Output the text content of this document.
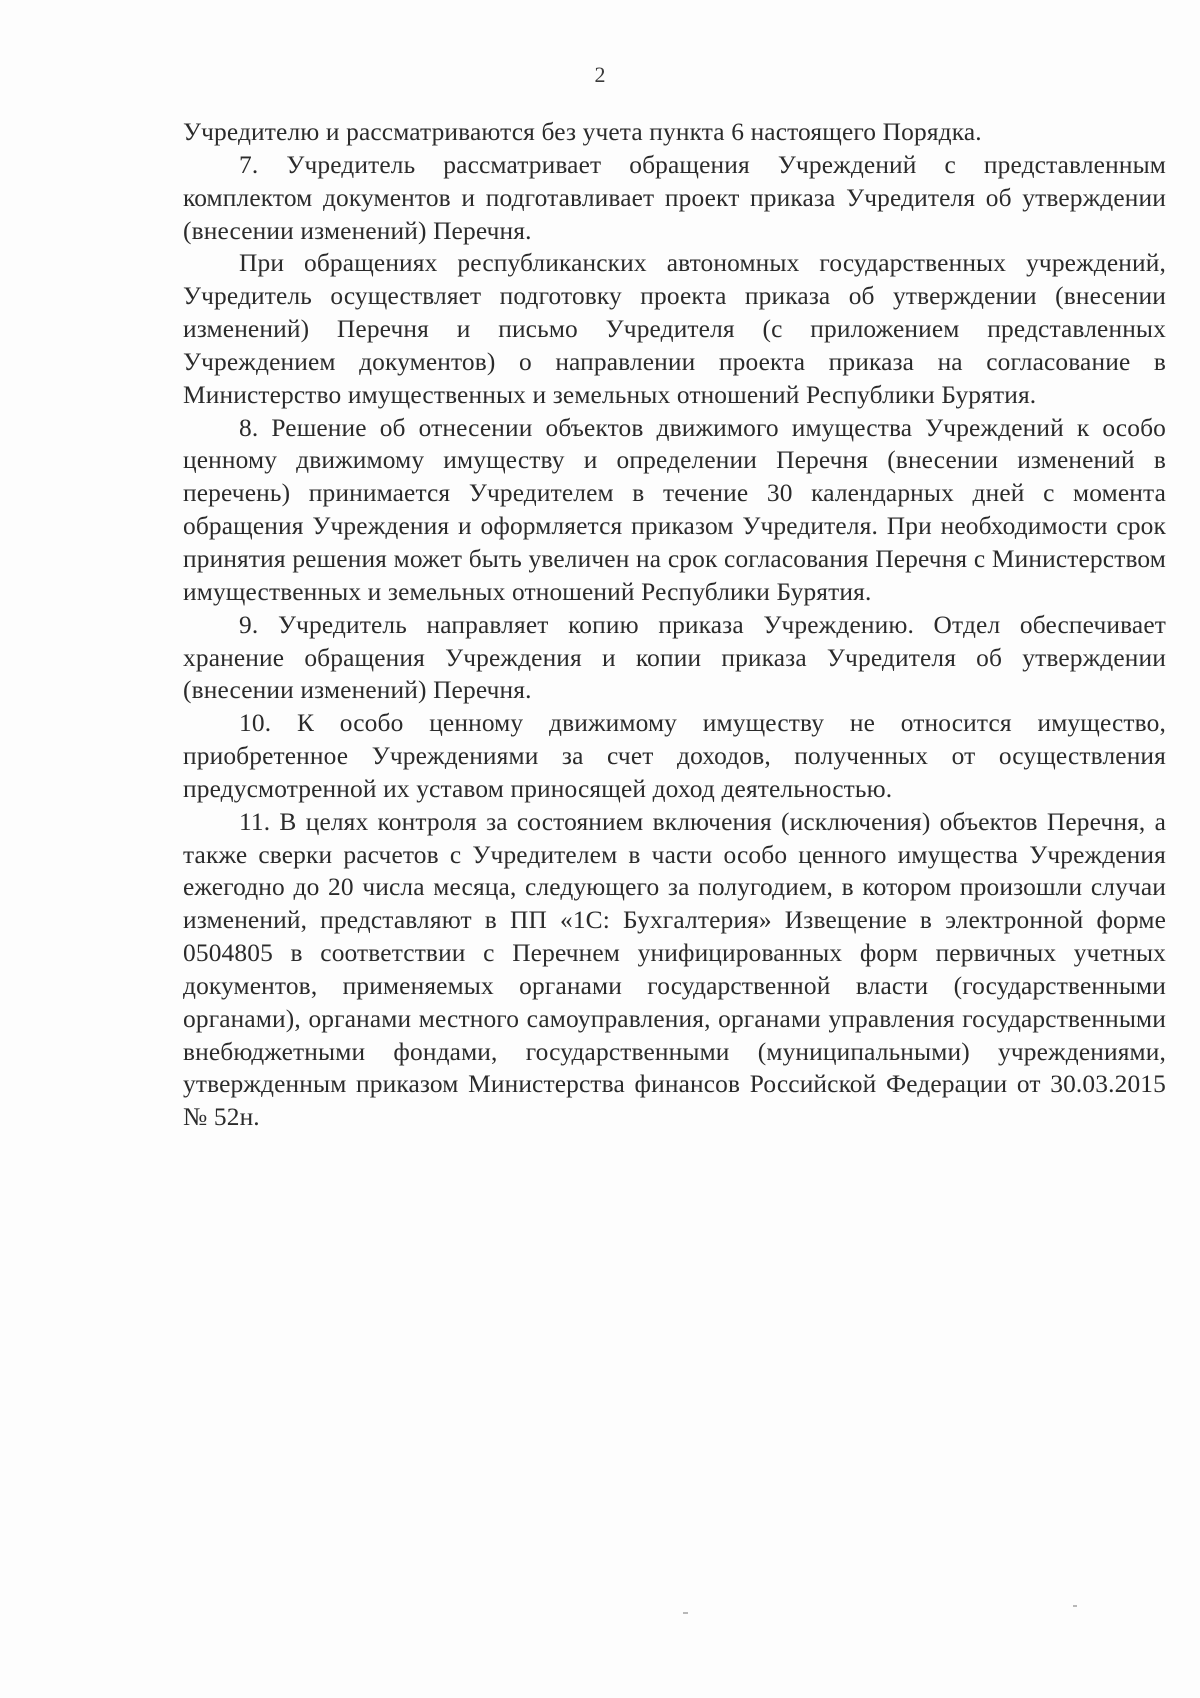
2

Учредителю и рассматриваются без учета пункта 6 настоящего Порядка.

7. Учредитель рассматривает обращения Учреждений с представленным комплектом документов и подготавливает проект приказа Учредителя об утверждении (внесении изменений) Перечня.

При обращениях республиканских автономных государственных учреждений, Учредитель осуществляет подготовку проекта приказа об утверждении (внесении изменений) Перечня и письмо Учредителя (с приложением представленных Учреждением документов) о направлении проекта приказа на согласование в Министерство имущественных и земельных отношений Республики Бурятия.

8. Решение об отнесении объектов движимого имущества Учреждений к особо ценному движимому имуществу и определении Перечня (внесении изменений в перечень) принимается Учредителем в течение 30 календарных дней с момента обращения Учреждения и оформляется приказом Учредителя. При необходимости срок принятия решения может быть увеличен на срок согласования Перечня с Министерством имущественных и земельных отношений Республики Бурятия.

9. Учредитель направляет копию приказа Учреждению. Отдел обеспечивает хранение обращения Учреждения и копии приказа Учредителя об утверждении (внесении изменений) Перечня.

10. К особо ценному движимому имуществу не относится имущество, приобретенное Учреждениями за счет доходов, полученных от осуществления предусмотренной их уставом приносящей доход деятельностью.

11. В целях контроля за состоянием включения (исключения) объектов Перечня, а также сверки расчетов с Учредителем в части особо ценного имущества Учреждения ежегодно до 20 числа месяца, следующего за полугодием, в котором произошли случаи изменений, представляют в ПП «1С: Бухгалтерия» Извещение в электронной форме 0504805 в соответствии с Перечнем унифицированных форм первичных учетных документов, применяемых органами государственной власти (государственными органами), органами местного самоуправления, органами управления государственными внебюджетными фондами, государственными (муниципальными) учреждениями, утвержденным приказом Министерства финансов Российской Федерации от 30.03.2015 № 52н.
